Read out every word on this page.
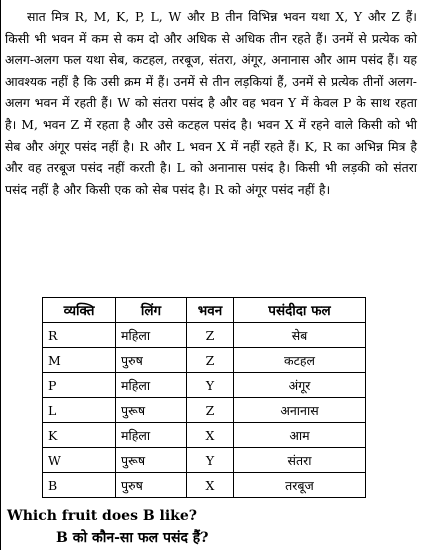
सात मित्र R, M, K, P, L, W और B तीन विभिन्न भवन यथा X, Y और Z हैं। किसी भी भवन में कम से कम दो और अधिक से अधिक तीन रहते हैं। उनमें से प्रत्येक को अलग-अलग फल यथा सेब, कटहल, तरबूज, संतरा, अंगूर, अनानास और आम पसंद हैं। यह आवश्यक नहीं है कि उसी क्रम में हैं। उनमें से तीन लड़कियां हैं, उनमें से प्रत्येक तीनों अलग-अलग भवन में रहती हैं। W को संतरा पसंद है और वह भवन Y में केवल P के साथ रहता है। M, भवन Z में रहता है और उसे कटहल पसंद है। भवन X में रहने वाले किसी को भी सेब और अंगूर पसंद नहीं है। R और L भवन X में नहीं रहते हैं। K, R का अभिन्न मित्र है और वह तरबूज पसंद नहीं करती है। L को अनानास पसंद है। किसी भी लड़की को संतरा पसंद नहीं है और किसी एक को सेब पसंद है। R को अंगूर पसंद नहीं है।
व्यक्ति	लिंग	भवन	पसंदीदा फल
R	महिला	Z	सेब
M	पुरुष	Z	कटहल
P	महिला	Y	अंगूर
L	पुरूष	Z	अनानास
K	महिला	X	आम
W	पुरूष	Y	संतरा
B	पुरुष	X	तरबूज
Which fruit does B like?
B को कौन-सा फल पसंद हैं?
